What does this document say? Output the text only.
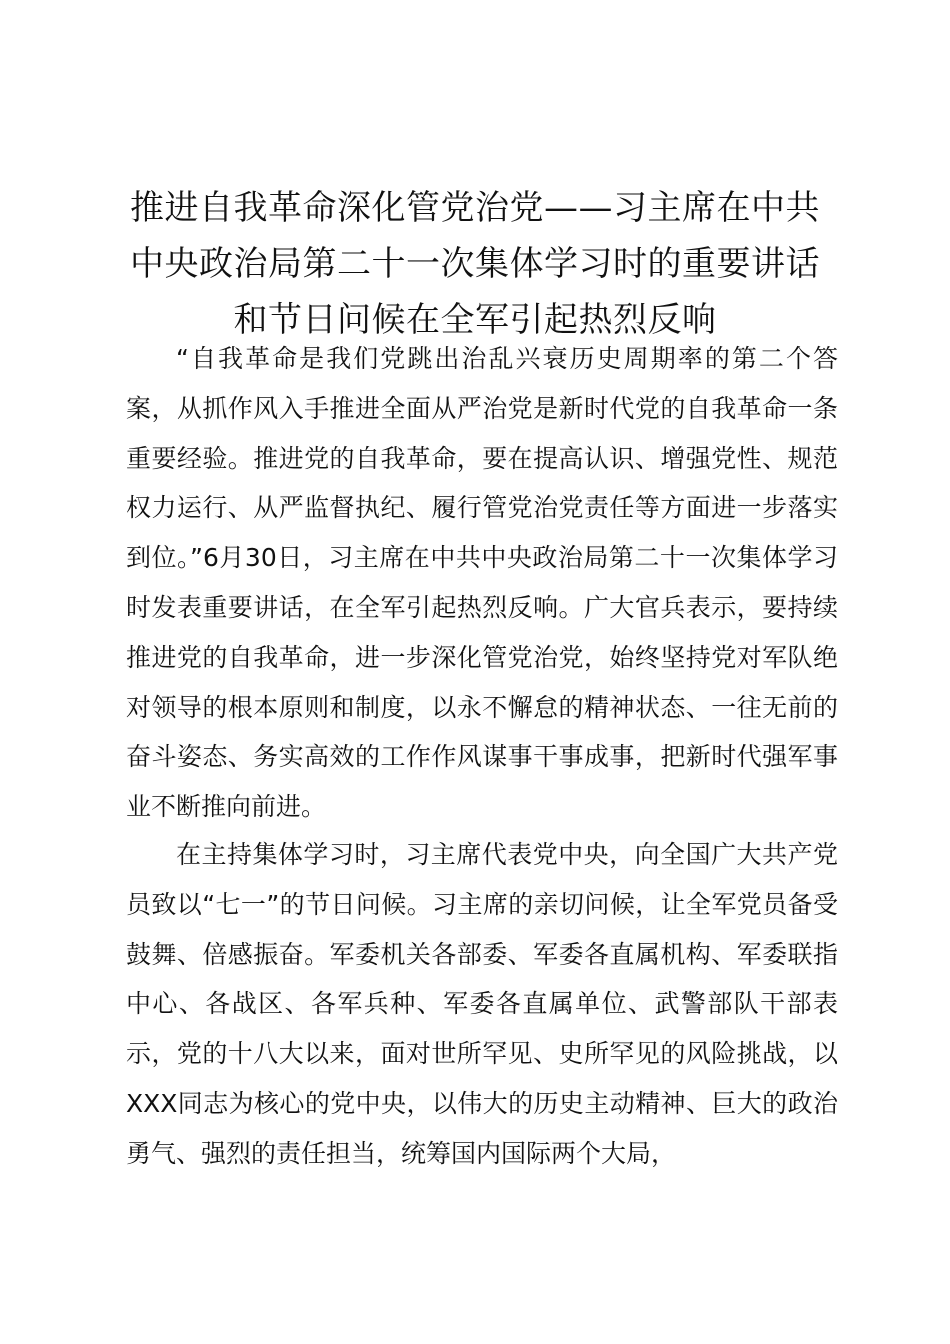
推进自我革命深化管党治党——习主席在中共中央政治局第二十一次集体学习时的重要讲话和节日问候在全军引起热烈反响

“自我革命是我们党跳出治乱兴衰历史周期率的第二个答案，从抓作风入手推进全面从严治党是新时代党的自我革命一条重要经验。推进党的自我革命，要在提高认识、增强党性、规范权力运行、从严监督执纪、履行管党治党责任等方面进一步落实到位。”6月30日，习主席在中共中央政治局第二十一次集体学习时发表重要讲话，在全军引起热烈反响。广大官兵表示，要持续推进党的自我革命，进一步深化管党治党，始终坚持党对军队绝对领导的根本原则和制度，以永不懈怠的精神状态、一往无前的奋斗姿态、务实高效的工作作风谋事干事成事，把新时代强军事业不断推向前进。

在主持集体学习时，习主席代表党中央，向全国广大共产党员致以“七一”的节日问候。习主席的亲切问候，让全军党员备受鼓舞、倍感振奋。军委机关各部委、军委各直属机构、军委联指中心、各战区、各军兵种、军委各直属单位、武警部队干部表示，党的十八大以来，面对世所罕见、史所罕见的风险挑战，以XXX同志为核心的党中央，以伟大的历史主动精神、巨大的政治勇气、强烈的责任担当，统筹国内国际两个大局，
